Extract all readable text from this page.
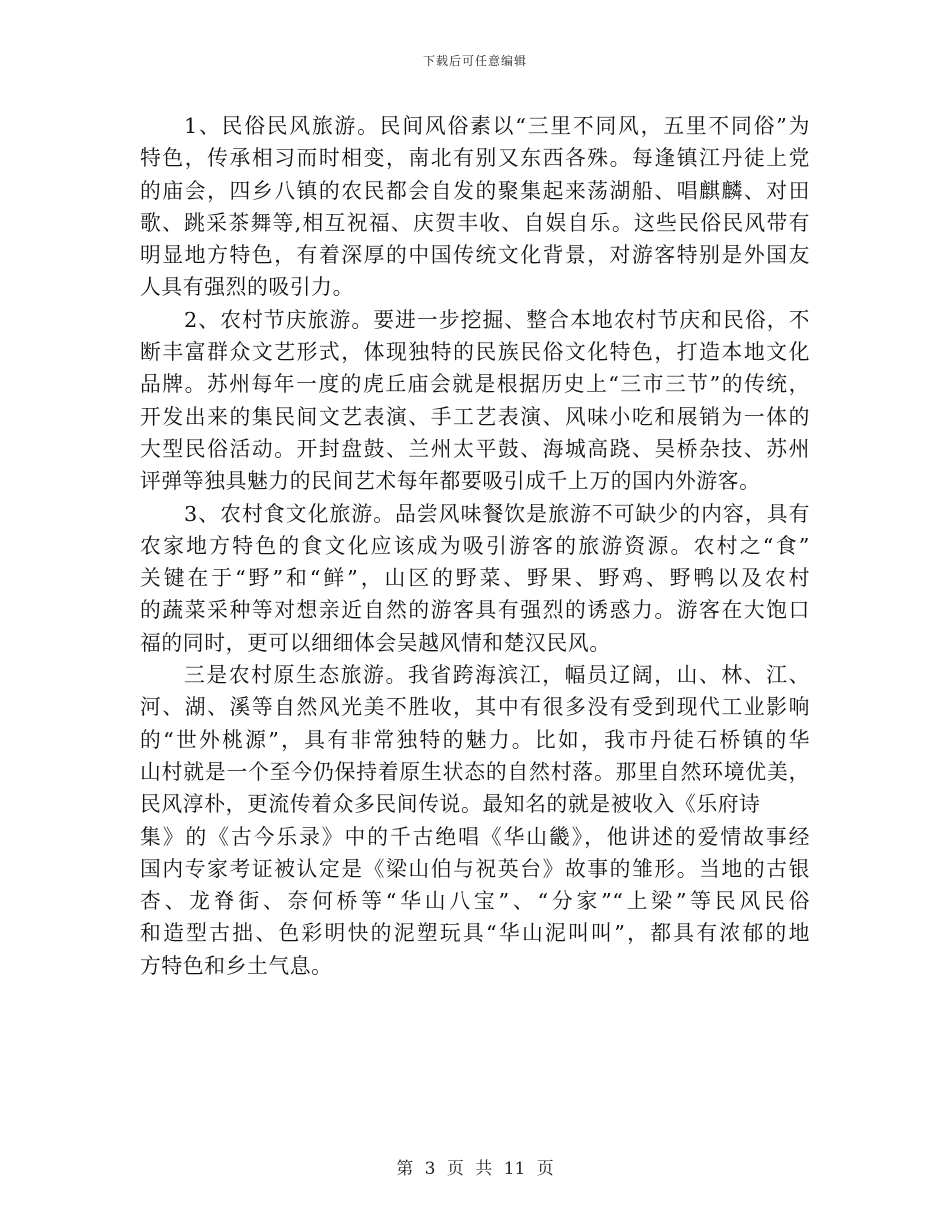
下载后可任意编辑
1、民俗民风旅游。民间风俗素以“三里不同风，五里不同俗”为
特色，传承相习而时相变，南北有别又东西各殊。每逢镇江丹徒上党
的庙会，四乡八镇的农民都会自发的聚集起来荡湖船、唱麒麟、对田
歌、跳采茶舞等,相互祝福、庆贺丰收、自娱自乐。这些民俗民风带有
明显地方特色，有着深厚的中国传统文化背景，对游客特别是外国友
人具有强烈的吸引力。
2、农村节庆旅游。要进一步挖掘、整合本地农村节庆和民俗，不
断丰富群众文艺形式，体现独特的民族民俗文化特色，打造本地文化
品牌。苏州每年一度的虎丘庙会就是根据历史上“三市三节”的传统，
开发出来的集民间文艺表演、手工艺表演、风味小吃和展销为一体的
大型民俗活动。开封盘鼓、兰州太平鼓、海城高跷、吴桥杂技、苏州
评弹等独具魅力的民间艺术每年都要吸引成千上万的国内外游客。
3、农村食文化旅游。品尝风味餐饮是旅游不可缺少的内容，具有
农家地方特色的食文化应该成为吸引游客的旅游资源。农村之“食”
关键在于“野”和“鲜”，山区的野菜、野果、野鸡、野鸭以及农村
的蔬菜采种等对想亲近自然的游客具有强烈的诱惑力。游客在大饱口
福的同时，更可以细细体会吴越风情和楚汉民风。
三是农村原生态旅游。我省跨海滨江，幅员辽阔，山、林、江、
河、湖、溪等自然风光美不胜收，其中有很多没有受到现代工业影响
的“世外桃源”，具有非常独特的魅力。比如，我市丹徒石桥镇的华
山村就是一个至今仍保持着原生状态的自然村落。那里自然环境优美，
民风淳朴，更流传着众多民间传说。最知名的就是被收入《乐府诗
集》的《古今乐录》中的千古绝唱《华山畿》，他讲述的爱情故事经
国内专家考证被认定是《梁山伯与祝英台》故事的雏形。当地的古银
杏、龙脊街、奈何桥等“华山八宝”、“分家”“上梁”等民风民俗
和造型古拙、色彩明快的泥塑玩具“华山泥叫叫”，都具有浓郁的地
方特色和乡土气息。
第 3 页 共 11 页
